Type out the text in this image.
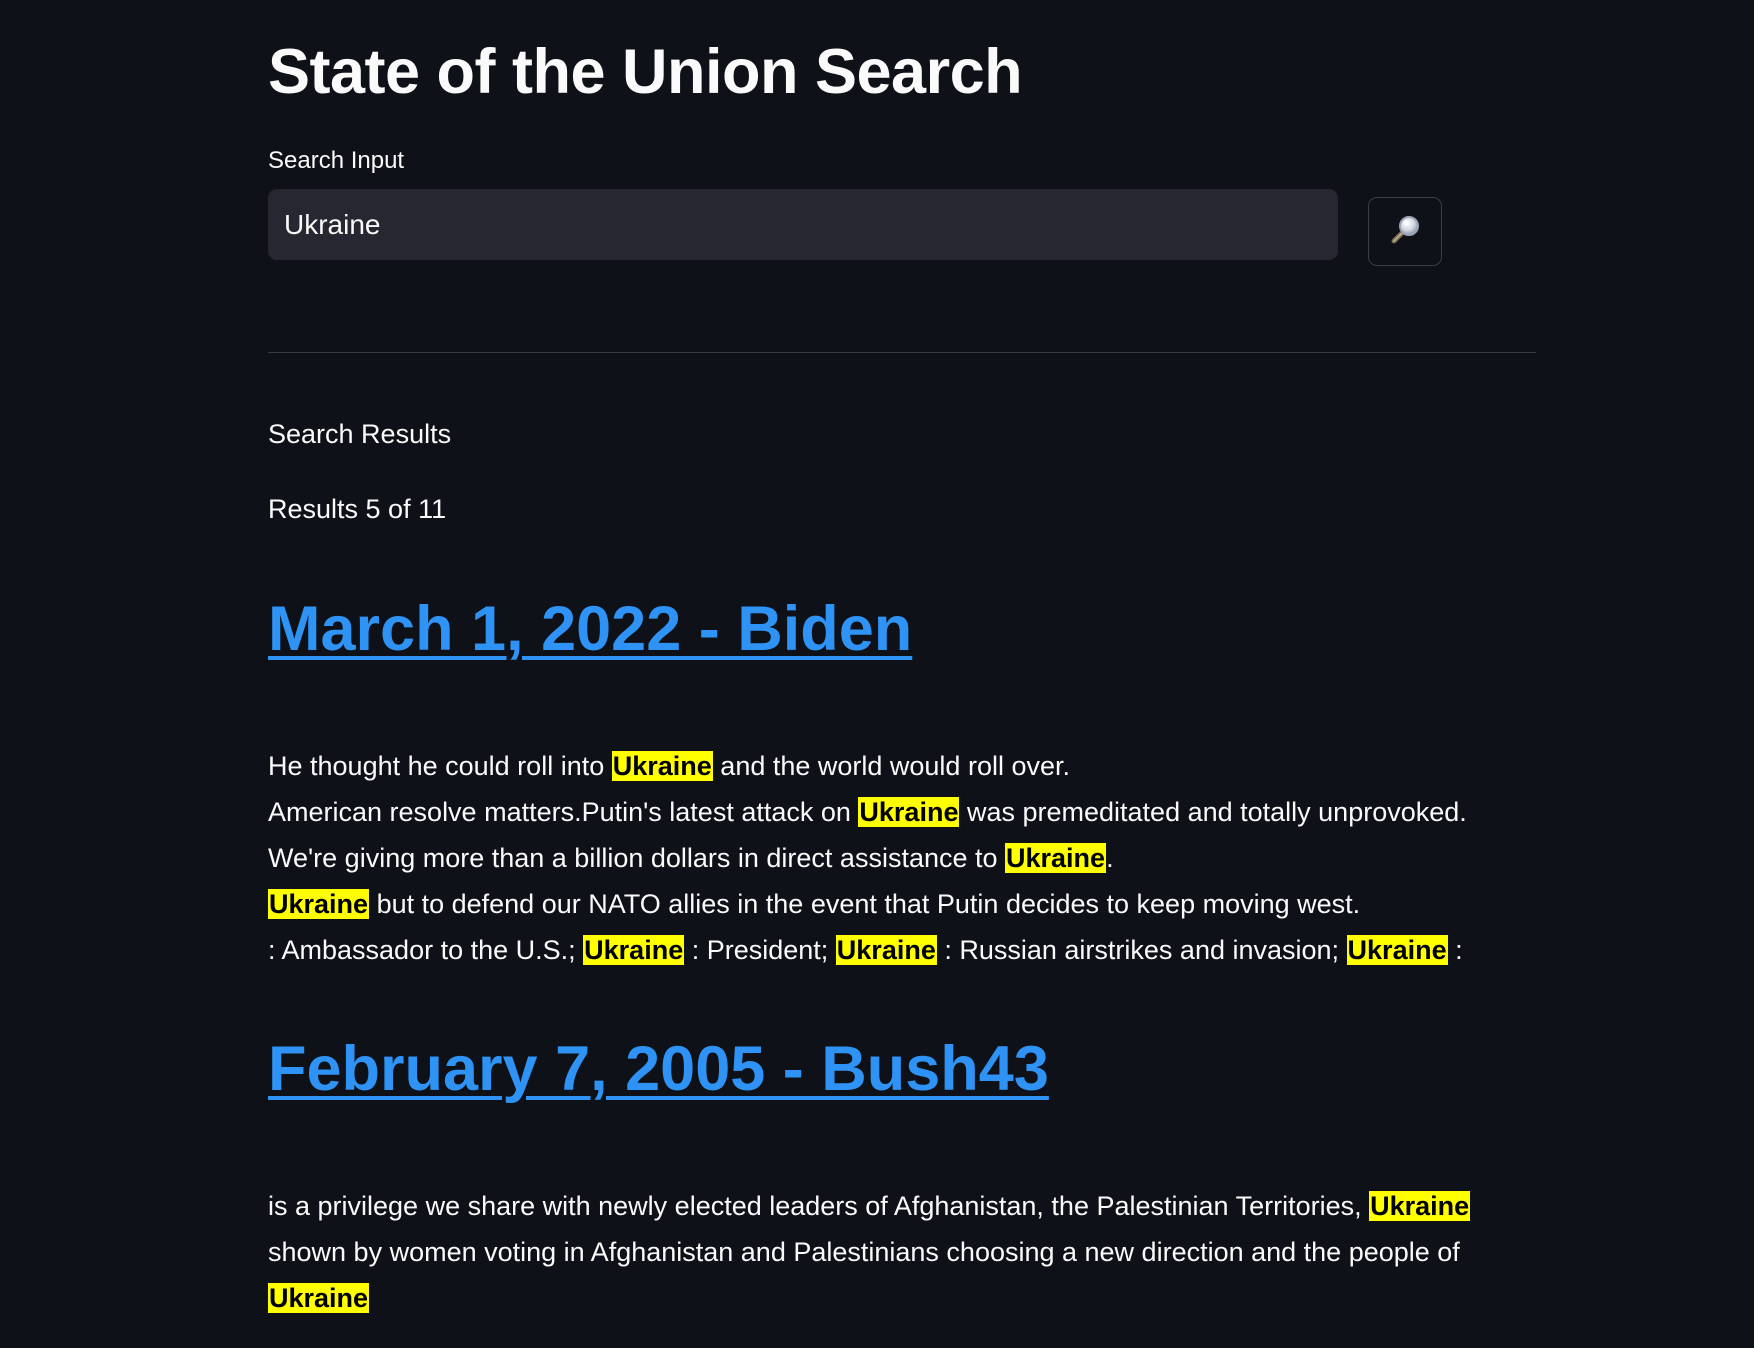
State of the Union Search
Search Input
Ukraine
Search Results
Results 5 of 11
March 1, 2022 - Biden
He thought he could roll into Ukraine and the world would roll over.
American resolve matters.Putin's latest attack on Ukraine was premeditated and totally unprovoked.
We're giving more than a billion dollars in direct assistance to Ukraine.
Ukraine but to defend our NATO allies in the event that Putin decides to keep moving west.
: Ambassador to the U.S.; Ukraine : President; Ukraine : Russian airstrikes and invasion; Ukraine :
February 7, 2005 - Bush43
is a privilege we share with newly elected leaders of Afghanistan, the Palestinian Territories, Ukraine
shown by women voting in Afghanistan and Palestinians choosing a new direction and the people of
Ukraine
